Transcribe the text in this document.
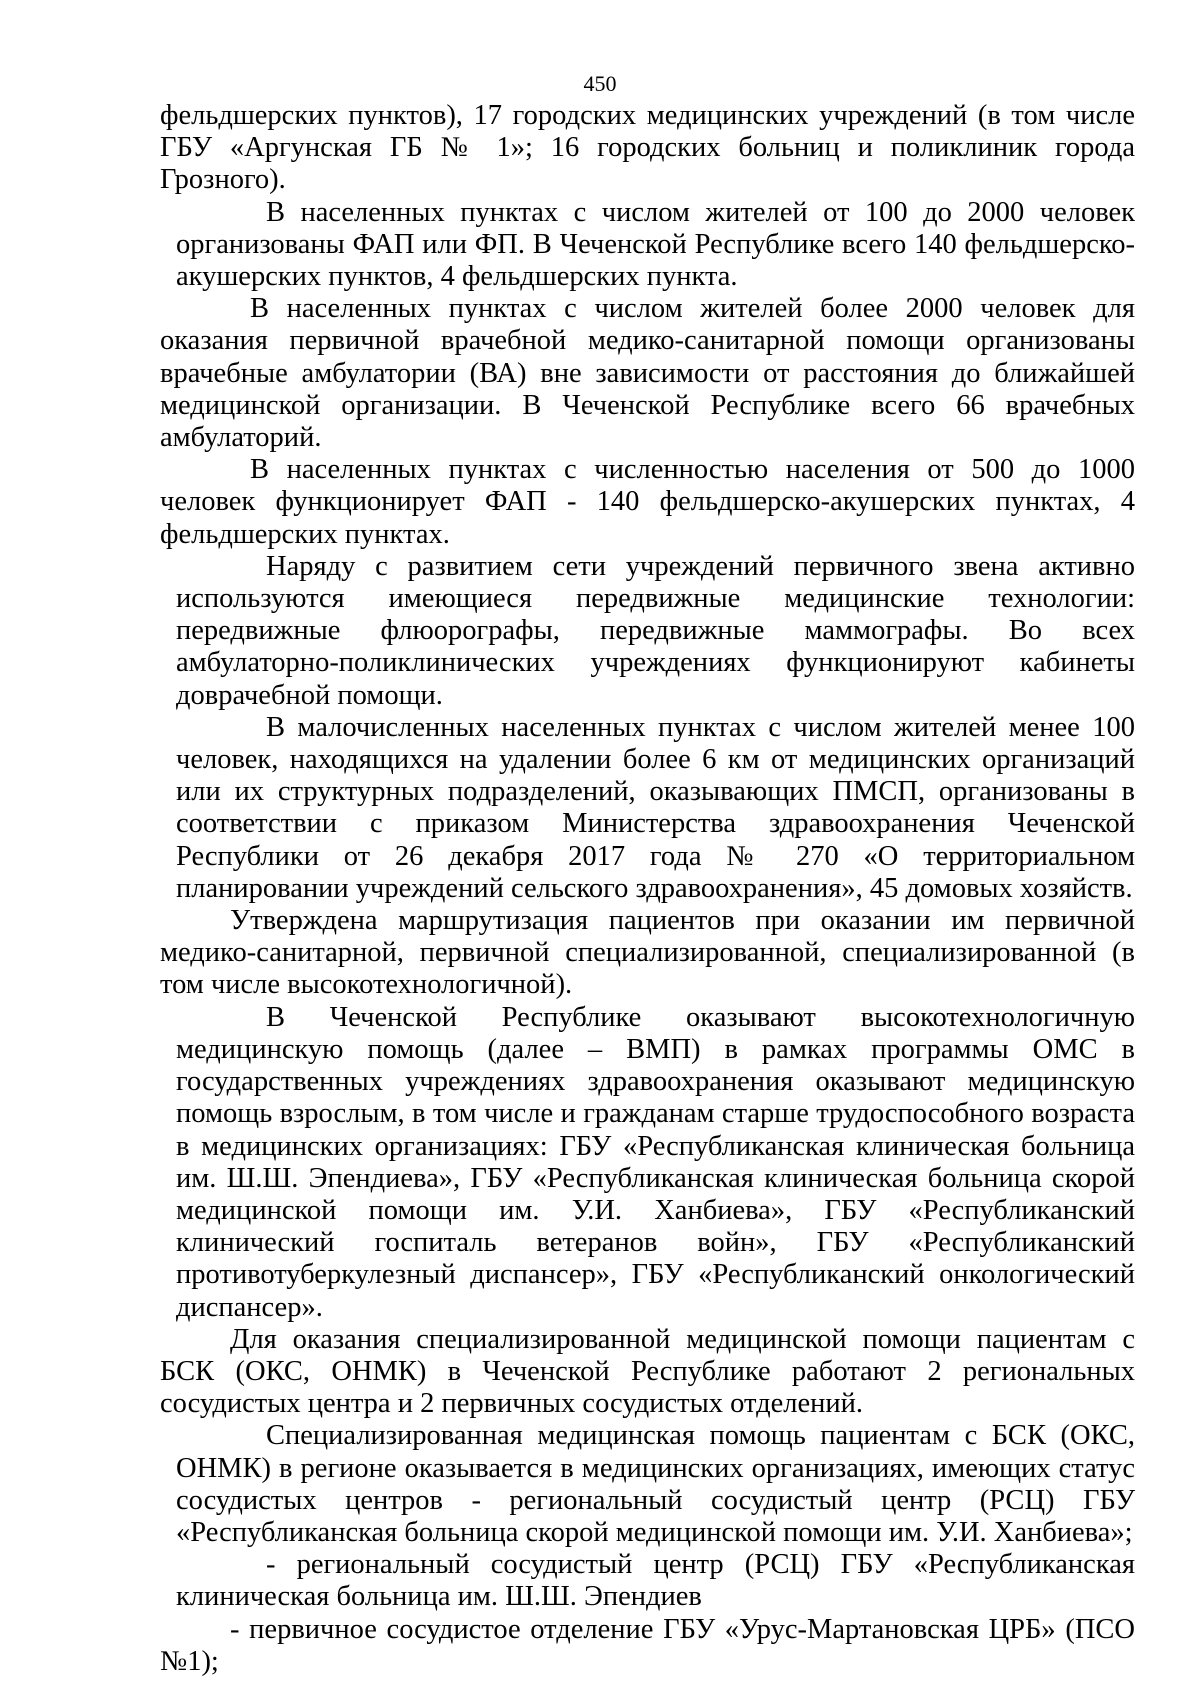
450

фельдшерских пунктов), 17 городских медицинских учреждений (в том числе ГБУ «Аргунская ГБ № 1»; 16 городских больниц и поликлиник города Грозного).

В населенных пунктах с числом жителей от 100 до 2000 человек организованы ФАП или ФП. В Чеченской Республике всего 140 фельдшерско-акушерских пунктов, 4 фельдшерских пункта.

В населенных пунктах с числом жителей более 2000 человек для оказания первичной врачебной медико-санитарной помощи организованы врачебные амбулатории (ВА) вне зависимости от расстояния до ближайшей медицинской организации. В Чеченской Республике всего 66 врачебных амбулаторий.

В населенных пунктах с численностью населения от 500 до 1000 человек функционирует ФАП - 140 фельдшерско-акушерских пунктах, 4 фельдшерских пунктах.

Наряду с развитием сети учреждений первичного звена активно используются имеющиеся передвижные медицинские технологии: передвижные флюорографы, передвижные маммографы. Во всех амбулаторно-поликлинических учреждениях функционируют кабинеты доврачебной помощи.

В малочисленных населенных пунктах с числом жителей менее 100 человек, находящихся на удалении более 6 км от медицинских организаций или их структурных подразделений, оказывающих ПМСП, организованы в соответствии с приказом Министерства здравоохранения Чеченской Республики от 26 декабря 2017 года № 270 «О территориальном планировании учреждений сельского здравоохранения», 45 домовых хозяйств.

Утверждена маршрутизация пациентов при оказании им первичной медико-санитарной, первичной специализированной, специализированной (в том числе высокотехнологичной).

В Чеченской Республике оказывают высокотехнологичную медицинскую помощь (далее – ВМП) в рамках программы ОМС в государственных учреждениях здравоохранения оказывают медицинскую помощь взрослым, в том числе и гражданам старше трудоспособного возраста в медицинских организациях: ГБУ «Республиканская клиническая больница им. Ш.Ш. Эпендиева», ГБУ «Республиканская клиническая больница скорой медицинской помощи им. У.И. Ханбиева», ГБУ «Республиканский клинический госпиталь ветеранов войн», ГБУ «Республиканский противотуберкулезный диспансер», ГБУ «Республиканский онкологический диспансер».

Для оказания специализированной медицинской помощи пациентам с БСК (ОКС, ОНМК) в Чеченской Республике работают 2 региональных сосудистых центра и 2 первичных сосудистых отделений.

Специализированная медицинская помощь пациентам с БСК (ОКС, ОНМК) в регионе оказывается в медицинских организациях, имеющих статус сосудистых центров - региональный сосудистый центр (РСЦ) ГБУ «Республиканская больница скорой медицинской помощи им. У.И. Ханбиева»;

- региональный сосудистый центр (РСЦ) ГБУ «Республиканская клиническая больница им. Ш.Ш. Эпендиев

- первичное сосудистое отделение ГБУ «Урус-Мартановская ЦРБ» (ПСО №1);
